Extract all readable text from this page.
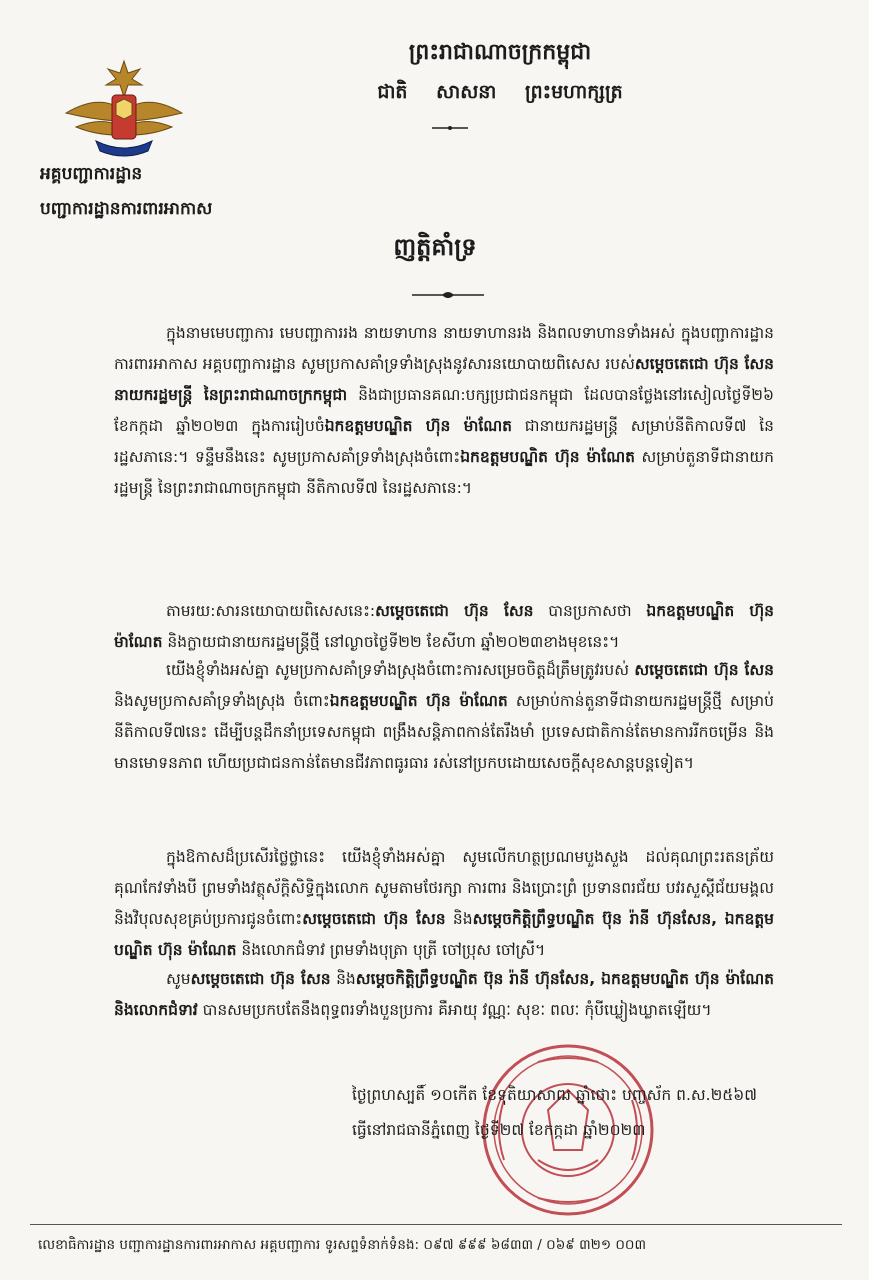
ព្រះរាជាណាចក្រកម្ពុជា
ជាតិ សាសនា ព្រះមហាក្សត្រ
អគ្គបញ្ជាការដ្ឋាន
បញ្ជាការដ្ឋានការពារអាកាស
ញត្តិគាំទ្រ
ក្នុងនាមមេបញ្ជាការ មេបញ្ជាការរង នាយទាហាន នាយទាហានរង និងពលទាហានទាំងអស់ ក្នុងបញ្ជាការដ្ឋានការពារអាកាស អគ្គបញ្ជាការដ្ឋាន សូមប្រកាសគាំទ្រទាំងស្រុងនូវសារនយោបាយពិសេស របស់សម្តេចតេជោ ហ៊ុន សែន នាយករដ្ឋមន្ត្រី នៃព្រះរាជាណាចក្រកម្ពុជា និងជាប្រធានគណ:បក្សប្រជាជនកម្ពុជា ដែលបានថ្លែងនៅរសៀលថ្ងៃទី២៦ ខែកក្កដា ឆ្នាំ២០២៣ ក្នុងការរៀបចំឯកឧត្តមបណ្ឌិត ហ៊ុន ម៉ាណែត ជានាយករដ្ឋមន្ត្រី សម្រាប់នីតិកាលទី៧ នៃរដ្ឋសភានេ:។ ទន្ទឹមនឹងនេះ សូមប្រកាសគាំទ្រទាំងស្រុងចំពោះឯកឧត្តមបណ្ឌិត ហ៊ុន ម៉ាណែត សម្រាប់តួនាទីជានាយករដ្ឋមន្ត្រី នៃព្រះរាជាណាចក្រកម្ពុជា នីតិកាលទី៧ នៃរដ្ឋសភានេ:។
តាមរយ:សារនយោបាយពិសេសនេះ:សម្តេចតេជោ ហ៊ុន សែន បានប្រកាសថា ឯកឧត្តមបណ្ឌិត ហ៊ុន ម៉ាណែត និងក្លាយជានាយករដ្ឋមន្ត្រីថ្មី នៅល្ងាចថ្ងៃទី២២ ខែសីហា ឆ្នាំ២០២៣ខាងមុខនេះ។
យើងខ្ញុំទាំងអស់គ្នា សូមប្រកាសគាំទ្រទាំងស្រុងចំពោះការសម្រេចចិត្តដ៏ត្រឹមត្រូវរបស់ សម្តេចតេជោ ហ៊ុន សែន និងសូមប្រកាសគាំទ្រទាំងស្រុង ចំពោះឯកឧត្តមបណ្ឌិត ហ៊ុន ម៉ាណែត សម្រាប់កាន់តួនាទីជានាយករដ្ឋមន្ត្រីថ្មី សម្រាប់នីតិកាលទី៧នេះ ដើម្បីបន្តដឹកនាំប្រទេសកម្ពុជា ពង្រឹងសន្តិភាពកាន់តែរឹងមាំ ប្រទេសជាតិកាន់តែមានការរីកចម្រើន និងមានមោទនភាព ហើយប្រជាជនកាន់តែមានជីវភាពធូរធារ រស់នៅប្រកបដោយសេចក្តីសុខសាន្តបន្តទៀត។
ក្នុងឱកាសដ៏ប្រសើរថ្លៃថ្លានេះ យើងខ្ញុំទាំងអស់គ្នា សូមលើកហត្ថប្រណមបួងសួង ដល់គុណព្រះរតនត្រ័យគុណកែវទាំងបី ព្រមទាំងវត្ថុស័ក្តិសិទ្ធិក្នុងលោក សូមតាមថែរក្សា ការពារ និងប្រោះព្រំ ប្រទានពរជ័យ បវរសួស្តីជ័យមង្គល និងវិបុលសុខគ្រប់ប្រការជូនចំពោះសម្តេចតេជោ ហ៊ុន សែន និងសម្តេចកិត្តិព្រឹទ្ធបណ្ឌិត ប៊ុន រ៉ានី ហ៊ុនសែន, ឯកឧត្តមបណ្ឌិត ហ៊ុន ម៉ាណែត និងលោកជំទាវ ព្រមទាំងបុត្រា បុត្រី ចៅប្រុស ចៅស្រី។
សូមសម្តេចតេជោ ហ៊ុន សែន និងសម្តេចកិត្តិព្រឹទ្ធបណ្ឌិត ប៊ុន រ៉ានី ហ៊ុនសែន, ឯកឧត្តមបណ្ឌិត ហ៊ុន ម៉ាណែត និងលោកជំទាវ បានសមប្រកបតែនឹងពុទ្ធពរទាំងបួនប្រការ គឺអាយុ វណ្ណៈ សុខៈ ពលៈ កុំបីឃ្លៀងឃ្លាតឡើយ។
ថ្ងៃព្រហស្បតិ៍ ១០កើត ខែទុតិយាសាឍ ឆ្នាំថោះ បញ្ចស័ក ព.ស.២៥៦៧
ធ្វើនៅរាជធានីភ្នំពេញ ថ្ងៃទី២៧ ខែកក្កដា ឆ្នាំ២០២៣
លេខាធិការដ្ឋាន បញ្ជាការដ្ឋានការពារអាកាស អគ្គបញ្ជាការ ទូរសព្ទទំនាក់ទំនង: ០៩៧ ៩៩៩ ៦៨៣៣ / ០៦៩ ៣២១ ០០៣
